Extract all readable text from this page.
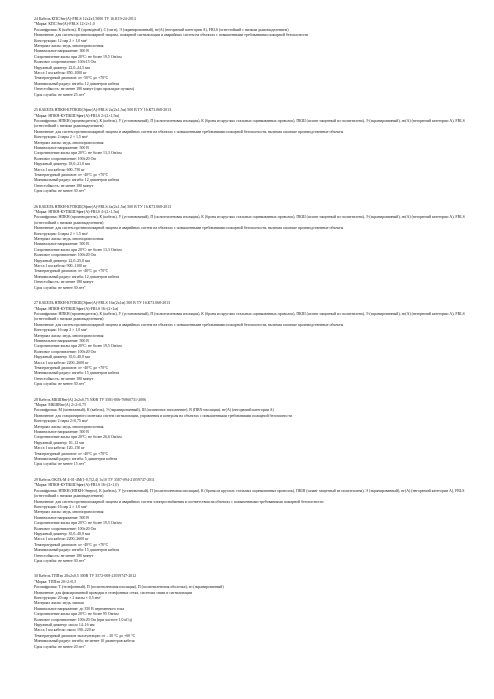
24 Кабель КПСЭнг(А)-FRLS 12х2х1,5000 ТУ 16.К19-24-2013
"Марка: КПСЭнг(А)-FRLS 12×2×1,0
Расшифровка: К (кабель), П (проводной), С (сигн), Э (экранированный), нг(А) (негорючий категории А), FRLS (огнестойкий с низким дымовыделением)
Назначение: для систем противопожарной защиты, пожарной сигнализации и аварийных систем на объектах с повышенными требованиями пожарной безопасности
Конструкция: 12 пар 2 × 1,0 мм²
Материал жилы: медь, многопроволочная
Номинальное напряжение: 300 В
Сопротивление жилы при 20°С: не более 19,5 Ом/км
Волновое сопротивление: 100±15 Ом
Наружный диаметр: 22,0–24,5 мм
Масса 1 км кабеля: 850–1000 кг
Температурный диапазон: от -50°С до +70°С
Минимальный радиус изгиба: 12 диаметров кабеля
Огнестойкость: не менее 180 минут (при прокладке пучком)
Срок службы: не менее 25 лет"
25 КАБЕЛЬ НПКН-КУПКШ(Эфнг(А)-FRLS 2х(2х1,5м) 500 В ТУ 16.К73.068-2013
"Марка: НПКН-КУПКШЭфнг(А)-FRLS 2×(2×1,5м)
Расшифровка: НПКН (производитель), К (кабель), У (установочный), П (полиэтиленовая изоляция), К (броня из круглых стальных оцинкованных проволок), ПКШ (шланг защитный из полиэтилена), Э (экранированный), нг(А) (негорючий категории А), FRLS (огнестойкий с низким дымовыделением)
Назначение: для систем противопожарной защиты и аварийных систем на объектах с повышенными требованиями пожарной безопасности, включая опасные производственные объекты
Конструкция: 2 пары 2 × 1,5 мм²
Материал жилы: медь, многопроволочная
Номинальное напряжение: 500 В
Сопротивление жилы при 20°С: не более 13,3 Ом/км
Волновое сопротивление: 100±20 Ом
Наружный диаметр: 18,0–21,0 мм
Масса 1 км кабеля: 600–750 кг
Температурный диапазон: от -40°С до +70°С
Минимальный радиус изгиба: 12 диаметров кабеля
Огнестойкость: не менее 180 минут
Срок службы: не менее 30 лет"
26 КАБЕЛЬ НПКН-КУПКШ(Эфнг(А)-FRLS 4х(2х1,5м) 500 В ТУ 16.К73.068-2013
"Марка: НПКН-КУПКШЭфнг(А)-FRLS 4×(2×1,5м)
Расшифровка: НПКН (производитель), К (кабель), У (установочный), П (полиэтиленовая изоляция), К (броня из круглых стальных оцинкованных проволок), ПКШ (шланг защитный из полиэтилена), Э (экранированный), нг(А) (негорючий категории А), FRLS (огнестойкий с низким дымовыделением)
Назначение: для систем противопожарной защиты и аварийных систем на объектах с повышенными требованиями пожарной безопасности, включая опасные производственные объекты
Конструкция: 4 пары 2 × 1,5 мм²
Материал жилы: медь, многопроволочная
Номинальное напряжение: 500 В
Сопротивление жилы при 20°С: не более 13,3 Ом/км
Волновое сопротивление: 100±20 Ом
Наружный диаметр: 22,0–25,0 мм
Масса 1 км кабеля: 900–1100 кг
Температурный диапазон: от -40°С до +70°С
Минимальный радиус изгиба: 12 диаметров кабеля
Огнестойкость: не менее 180 минут
Срок службы: не менее 30 лет"
27 КАБЕЛЬ НПКН-КУПКШ(Эфнг(А)-FRLS 16х(2х1м) 500 В ТУ 16.К73.068-2013
"Марка: НПКН-КУПКШЭфнг(А)-FRLS 16×(2×1м)
Расшифровка: НПКН (производитель), К (кабель), У (установочный), П (полиэтиленовая изоляция), К (броня из круглых стальных оцинкованных проволок), ПКШ (шланг защитный из полиэтилена), Э (экранированный), нг(А) (негорючий категории А), FRLS (огнестойкий с низким дымовыделением)
Назначение: для систем противопожарной защиты и аварийных систем на объектах с повышенными требованиями пожарной безопасности, включая опасные производственные объекты
Конструкция: 16 пар 2 × 1,0 мм²
Материал жилы: медь, многопроволочная
Номинальное напряжение: 500 В
Сопротивление жилы при 20°С: не более 19,5 Ом/км
Волновое сопротивление: 100±20 Ом
Наружный диаметр: 35,0–40,0 мм
Масса 1 км кабеля: 2200–2600 кг
Температурный диапазон: от -40°С до +70°С
Минимальный радиус изгиба: 15 диаметров кабеля
Огнестойкость: не менее 180 минут
Срок службы: не менее 30 лет"
28 Кабель МКШВнг(А) 2х2х0,75 500В ТУ 3581-006-76960731-2006
"Марка: МКШВнг(А) 2×2×0,75
Расшифровка: М (монтажный), К (кабель), Э (экранированный), Ш (шланговое исполнение), В (ПВХ-изоляция), нг(А) (негорючий категории А)
Назначение: для стационарного монтажа систем сигнализации, управления и контроля на объектах с повышенными требованиями пожарной безопасности
Конструкция: 2 пары 2×0,75 мм²
Материал жилы: медь, многопроволочная
Номинальное напряжение: 500 В
Сопротивление жилы при 20°С: не более 26,6 Ом/км
Наружный диаметр: 10–12 мм
Масса 1 км кабеля: 120–150 кг
Температурный диапазон: от -40°С до +70°С
Минимальный радиус изгиба: 5 диаметров кабеля
Срок службы: не менее 15 лет"
29 Кабель ОКЛЬ-М 4-01-4М(1-0,7(2,4) 1х10 ТУ 3587-094-21059747-2011
"Марка: НПКН-КУПКШЭфнг(А)-FRLS 16×(2×1,0)
Расшифровка: НПКН (НПКН-Энерго), К (кабель), У (установочный), П (полиэтиленовая изоляция), К (броня из круглых стальных оцинкованных проволок), ПКШ (шланг защитный из полиэтилена), Э (экранированный), нг(А) (негорючий категории А), FRLS (огнестойкий с низким дымовыделением)
Назначение: для систем противопожарной защиты и аварийных систем электроснабжения в соответствии на объектах с повышенными требованиями пожарной безопасности
Конструкция: 16 пар 2 × 1,0 мм²
Материал жилы: медь, многопроволочная
Номинальное напряжение: 500 В
Сопротивление жилы при 20°С: не более 19,5 Ом/км
Волновое сопротивление: 100±20 Ом
Наружный диаметр: 35,0–40,0 мм
Масса 1 км кабеля: 2200–2600 кг
Температурный диапазон: от -40°С до +70°С
Минимальный радиус изгиба: 15 диаметров кабеля
Огнестойкость: не менее 180 минут
Срок службы: не менее 30 лет"
30 Кабель ТППэп 20х2х0,5 300В ТУ 3572-008-21059747-2012
"Марка: ТППэп 20×2×0,5
Расшифровка: Т (телефонный), П (полиэтиленовая изоляция), П (полиэтиленовая оболочка), эп (экранированный)
Назначение: для фиксированной проводки в телефонных сетях, системах связи и сигнализации
Конструкция: 20 пар × 2 жилы × 0,5 мм²
Материал жилы: медь, мягкая
Номинальное напряжение: до 350 В переменного тока
Сопротивление жилы при 20°С: не более 95 Ом/км
Волновое сопротивление: 100±20 Ом (при частоте 1,0 кГц)
Наружный диаметр: около 14–16 мм
Масса 1 км кабеля: около 190–220 кг
Температурный диапазон эксплуатации: от – 30 °С до +60 °С
Минимальный радиус изгиба: не менее 10 диаметров кабеля
Срок службы: не менее 20 лет"
